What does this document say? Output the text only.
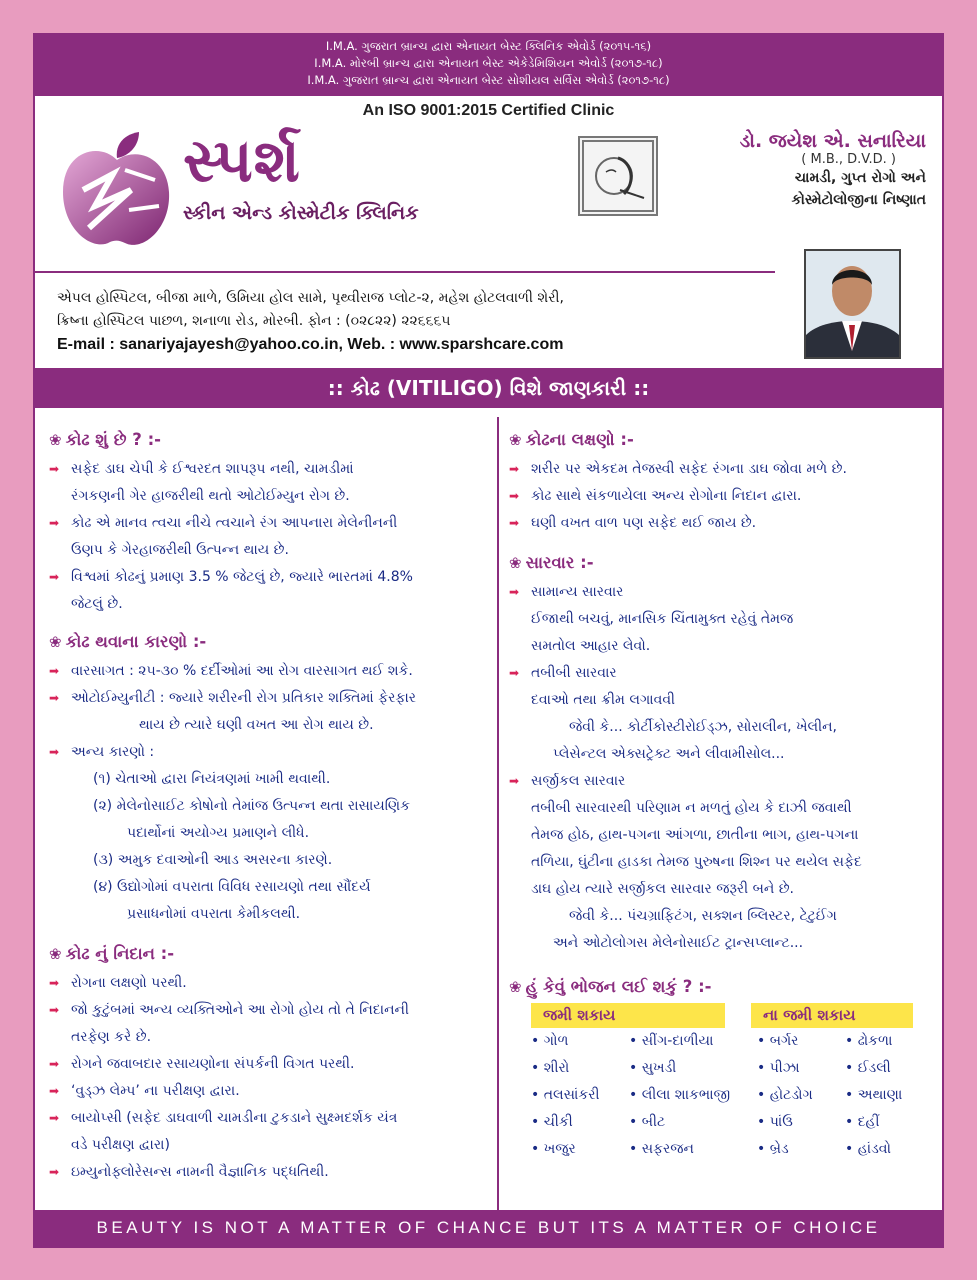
I.M.A. ગુજરાત બ્રાન્ચ દ્વારા એનાયત બેસ્ટ ક્લિનિક એવોર્ડ (૨૦૧૫-૧૬)
I.M.A. મોરબી બ્રાન્ચ દ્વારા એનાયત બેસ્ટ એકેડેમિશિયન એવોર્ડ (૨૦૧૭-૧૮)
I.M.A. ગુજરાત બ્રાન્ચ દ્વારા એનાયત બેસ્ટ સોશીયલ સર્વિસ એવોર્ડ (૨૦૧૭-૧૮)
An ISO 9001:2015 Certified Clinic
સ્પર્શ
સ્કીન એન્ડ કોસ્મેટીક ક્લિનિક
ડો. જયેશ એ. સનારિયા
( M.B., D.V.D. )
ચામડી, ગુપ્ત રોગો અને
કોસ્મેટોલોજીના નિષ્ણાત
એપલ હોસ્પિટલ, બીજા માળે, ઉમિયા હોલ સામે, પૃથ્વીરાજ પ્લોટ-૨, મહેશ હોટલવાળી શેરી,
ક્રિષ્ના હોસ્પિટલ પાછળ, શનાળા રોડ, મોરબી. ફોન : (૦૨૮૨૨) ૨૨૬૬૬૫
E-mail : sanariyajayesh@yahoo.co.in, Web. : www.sparshcare.com
:: કોઢ (VITILIGO) વિશે જાણકારી ::
❀ કોઢ શું છે ? :-
➡ સફેદ ડાઘ ચેપી કે ઈશ્વરદત શાપરૂપ નથી, ચામડીમાં
રંગકણની ગેર હાજરીથી થતો ઓટોઈમ્યુન રોગ છે.
➡ કોઢ એ માનવ ત્વચા નીચે ત્વચાને રંગ આપનારા મેલેનીનની
ઉણપ કે ગેરહાજરીથી ઉત્પન્ન થાય છે.
➡ વિશ્વમાં કોઢનું પ્રમાણ 3.5 % જેટલું છે, જ્યારે ભારતમાં 4.8%
જેટલું છે.
❀ કોઢ થવાના કારણો :-
➡ વારસાગત : ૨૫-૩૦ % દર્દીઓમાં આ રોગ વારસાગત થઈ શકે.
➡ ઓટોઈમ્યુનીટી : જ્યારે શરીરની રોગ પ્રતિકાર શક્તિમાં ફેરફાર
થાય છે ત્યારે ઘણી વખત આ રોગ થાય છે.
➡ અન્ય કારણો :
(૧) ચેતાઓ દ્વારા નિયંત્રણમાં ખામી થવાથી.
(૨) મેલેનોસાઈટ કોષોનો તેમાંજ ઉત્પન્ન થતા રાસાયણિક
પદાર્થોનાં અયોગ્ય પ્રમાણને લીધે.
(૩) અમુક દવાઓની આડ અસરના કારણે.
(૪) ઉદ્યોગોમાં વપરાતા વિવિધ રસાયણો તથા સૌંદર્ય
પ્રસાધનોમાં વપરાતા કેમીકલથી.
❀ કોઢ નું નિદાન :-
➡ રોગના લક્ષણો પરથી.
➡ જો કુટુંબમાં અન્ય વ્યક્તિઓને આ રોગો હોય તો તે નિદાનની
તરફેણ કરે છે.
➡ રોગને જવાબદાર રસાયણોના સંપર્કની વિગત પરથી.
➡ ‘વુડ્ઝ લેમ્પ’ ના પરીક્ષણ દ્વારા.
➡ બાયોપ્સી (સફેદ ડાઘવાળી ચામડીના ટુકડાને સુક્ષ્મદર્શક યંત્ર
વડે પરીક્ષણ દ્વારા)
➡ ઇમ્યુનોફ્લોરેસન્સ નામની વૈજ્ઞાનિક પદ્ધતિથી.
❀ કોઢના લક્ષણો :-
➡ શરીર પર એકદમ તેજસ્વી સફેદ રંગના ડાઘ જોવા મળે છે.
➡ કોઢ સાથે સંકળાયેલા અન્ય રોગોના નિદાન દ્વારા.
➡ ઘણી વખત વાળ પણ સફેદ થઈ જાય છે.
❀ સારવાર :-
➡ સામાન્ય સારવાર
ઈજાથી બચવું, માનસિક ચિંતામુક્ત રહેવું તેમજ
સમતોલ આહાર લેવો.
➡ તબીબી સારવાર
દવાઓ તથા ક્રીમ લગાવવી
જેવી કે... કોર્ટીકોસ્ટીરોઈડ્ઝ, સોરાલીન, ખેલીન,
પ્લેસેન્ટલ એક્સટ્રેક્ટ અને લીવામીસોલ...
➡ સર્જીકલ સારવાર
તબીબી સારવારથી પરિણામ ન મળતું હોય કે દાઝી જવાથી
તેમજ હોઠ, હાથ-પગના આંગળા, છાતીના ભાગ, હાથ-પગના
તળિયા, ઘુંટીના હાડકા તેમજ પુરુષના શિશ્ન પર થયેલ સફેદ
ડાઘ હોય ત્યારે સર્જીકલ સારવાર જરૂરી બને છે.
જેવી કે... પંચગ્રાફિટંગ, સક્શન બ્લિસ્ટર, ટેટુઈંગ
અને ઓટોલોગસ મેલેનોસાઈટ ટ્રાન્સપ્લાન્ટ...
❀ હું કેવું ભોજન લઈ શકું ? :-
જમી શકાય	ના જમી શકાય
• ગોળ
• શીરો
• તલસાંકરી
• ચીકી
• ખજુર
• સીંગ-દાળીયા
• સુખડી
• લીલા શાકભાજી
• બીટ
• સફરજન
• બર્ગર
• પીઝા
• હોટડોગ
• પાંઉ
• બ્રેડ
• ઢોકળા
• ઈડલી
• અથાણા
• દહીં
• હાંડવો
BEAUTY IS NOT A MATTER OF CHANCE BUT ITS A MATTER OF CHOICE
